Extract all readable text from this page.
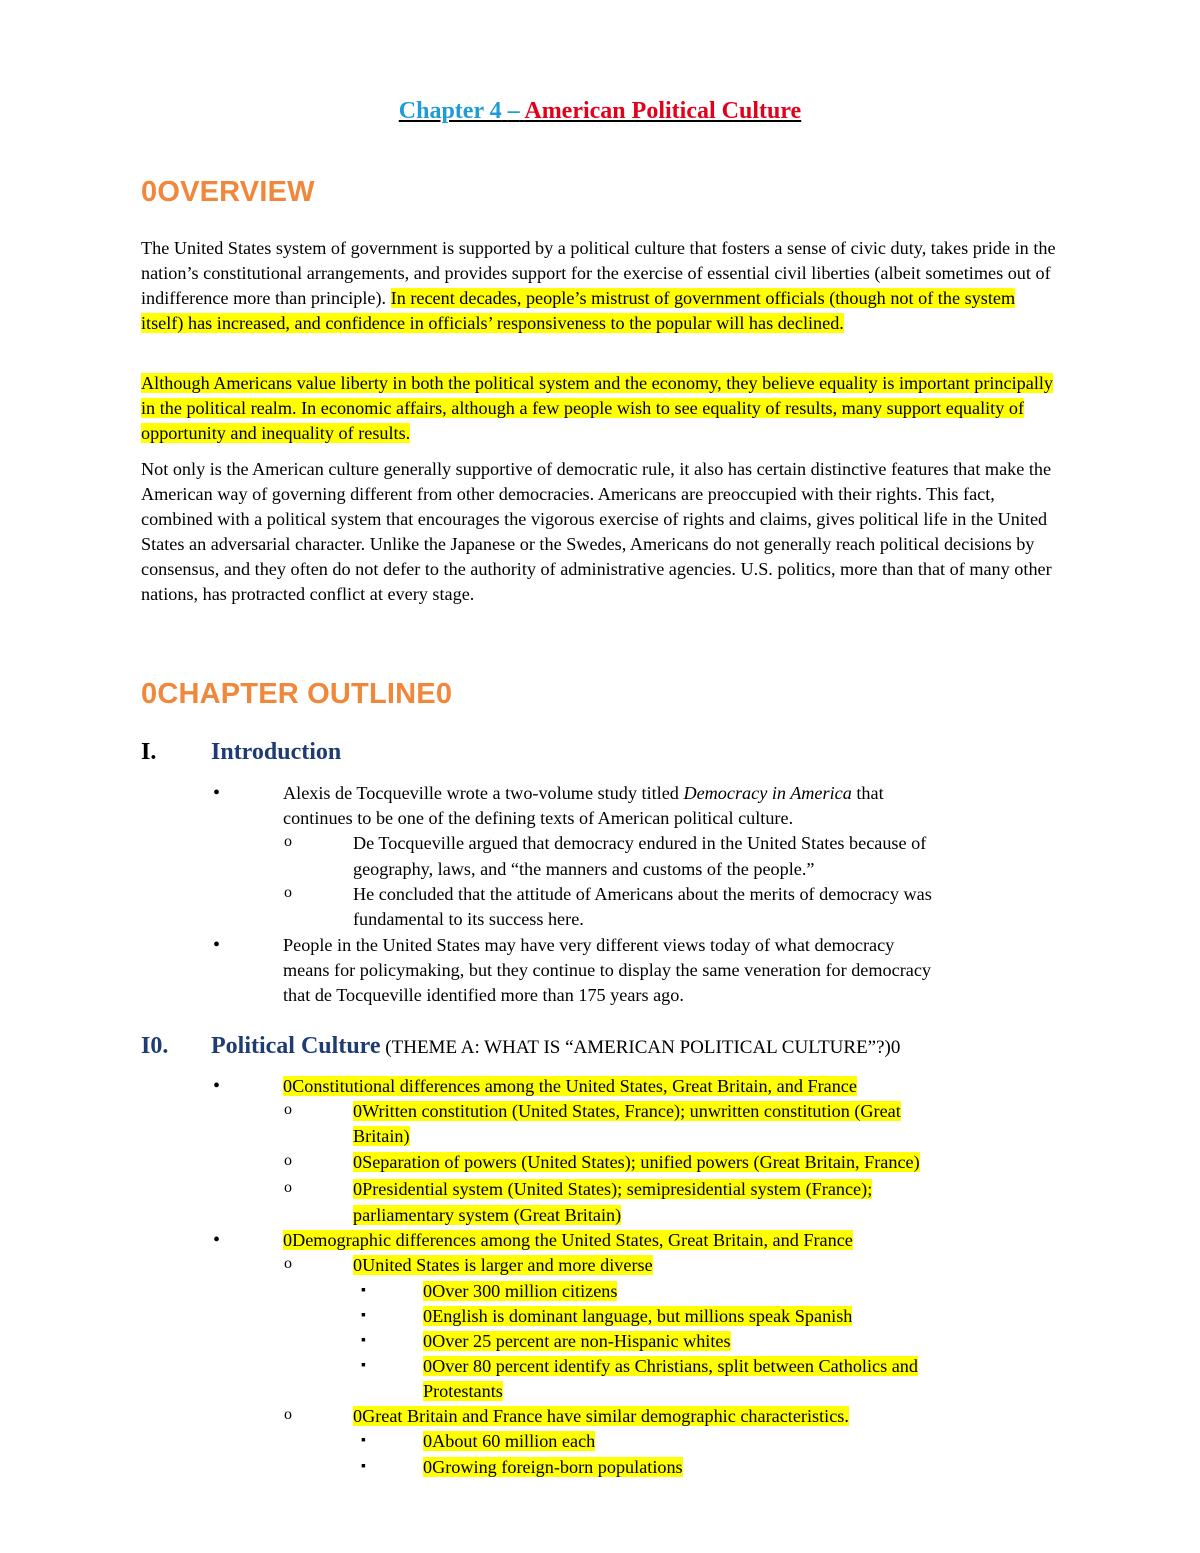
Chapter 4 – American Political Culture
0OVERVIEW
The United States system of government is supported by a political culture that fosters a sense of civic duty, takes pride in the nation’s constitutional arrangements, and provides support for the exercise of essential civil liberties (albeit sometimes out of indifference more than principle). In recent decades, people’s mistrust of government officials (though not of the system itself) has increased, and confidence in officials’ responsiveness to the popular will has declined.
Although Americans value liberty in both the political system and the economy, they believe equality is important principally in the political realm. In economic affairs, although a few people wish to see equality of results, many support equality of opportunity and inequality of results.
Not only is the American culture generally supportive of democratic rule, it also has certain distinctive features that make the American way of governing different from other democracies. Americans are preoccupied with their rights. This fact, combined with a political system that encourages the vigorous exercise of rights and claims, gives political life in the United States an adversarial character. Unlike the Japanese or the Swedes, Americans do not generally reach political decisions by consensus, and they often do not defer to the authority of administrative agencies. U.S. politics, more than that of many other nations, has protracted conflict at every stage.
0CHAPTER OUTLINE0
I. Introduction
•	Alexis de Tocqueville wrote a two-volume study titled Democracy in America that
continues to be one of the defining texts of American political culture.
o	De Tocqueville argued that democracy endured in the United States because of
geography, laws, and “the manners and customs of the people.”
o	He concluded that the attitude of Americans about the merits of democracy was
fundamental to its success here.
•	People in the United States may have very different views today of what democracy
means for policymaking, but they continue to display the same veneration for democracy
that de Tocqueville identified more than 175 years ago.
I0. Political Culture (THEME A: WHAT IS “AMERICAN POLITICAL CULTURE”?)0
•	0Constitutional differences among the United States, Great Britain, and France
o	0Written constitution (United States, France); unwritten constitution (Great
Britain)
o	0Separation of powers (United States); unified powers (Great Britain, France)
o	0Presidential system (United States); semipresidential system (France);
parliamentary system (Great Britain)
•	0Demographic differences among the United States, Great Britain, and France
o	0United States is larger and more diverse
▪	0Over 300 million citizens
▪	0English is dominant language, but millions speak Spanish
▪	0Over 25 percent are non-Hispanic whites
▪	0Over 80 percent identify as Christians, split between Catholics and
Protestants
o	0Great Britain and France have similar demographic characteristics.
▪	0About 60 million each
▪	0Growing foreign-born populations
